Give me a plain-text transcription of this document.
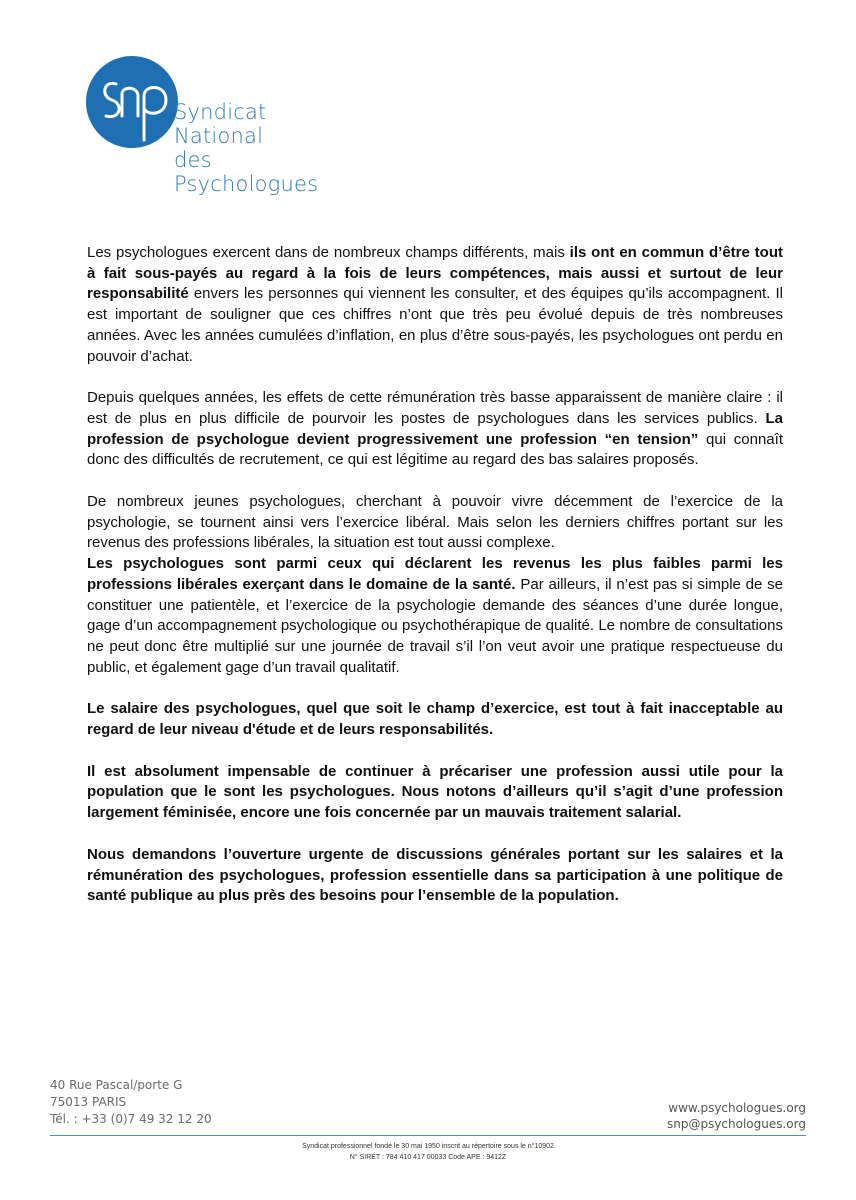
Syndicat National
des Psychologues

Les psychologues exercent dans de nombreux champs différents, mais ils ont en commun d’être tout à fait sous-payés au regard à la fois de leurs compétences, mais aussi et surtout de leur responsabilité envers les personnes qui viennent les consulter, et des équipes qu’ils accompagnent. Il est important de souligner que ces chiffres n’ont que très peu évolué depuis de très nombreuses années. Avec les années cumulées d’inflation, en plus d’être sous-payés, les psychologues ont perdu en pouvoir d’achat.

Depuis quelques années, les effets de cette rémunération très basse apparaissent de manière claire : il est de plus en plus difficile de pourvoir les postes de psychologues dans les services publics. La profession de psychologue devient progressivement une profession “en tension” qui connaît donc des difficultés de recrutement, ce qui est légitime au regard des bas salaires proposés.

De nombreux jeunes psychologues, cherchant à pouvoir vivre décemment de l’exercice de la psychologie, se tournent ainsi vers l’exercice libéral. Mais selon les derniers chiffres portant sur les revenus des professions libérales, la situation est tout aussi complexe.

Les psychologues sont parmi ceux qui déclarent les revenus les plus faibles parmi les professions libérales exerçant dans le domaine de la santé. Par ailleurs, il n’est pas si simple de se constituer une patientèle, et l’exercice de la psychologie demande des séances d’une durée longue, gage d’un accompagnement psychologique ou psychothérapique de qualité. Le nombre de consultations ne peut donc être multiplié sur une journée de travail s’il l’on veut avoir une pratique respectueuse du public, et également gage d’un travail qualitatif.

Le salaire des psychologues, quel que soit le champ d’exercice, est tout à fait inacceptable au regard de leur niveau d'étude et de leurs responsabilités.

Il est absolument impensable de continuer à précariser une profession aussi utile pour la population que le sont les psychologues. Nous notons d’ailleurs qu’il s’agit d’une profession largement féminisée, encore une fois concernée par un mauvais traitement salarial.

Nous demandons l’ouverture urgente de discussions générales portant sur les salaires et la rémunération des psychologues, profession essentielle dans sa participation à une politique de santé publique au plus près des besoins pour l’ensemble de la population.

40 Rue Pascal/porte G
75013 PARIS
Tél. : +33 (0)7 49 32 12 20
www.psychologues.org
snp@psychologues.org
Syndicat professionnel fondé le 30 mai 1950 inscrit au répertoire sous le n°10902
N° SIRET : 784 410 417 00033 Code APE : 9412Z
